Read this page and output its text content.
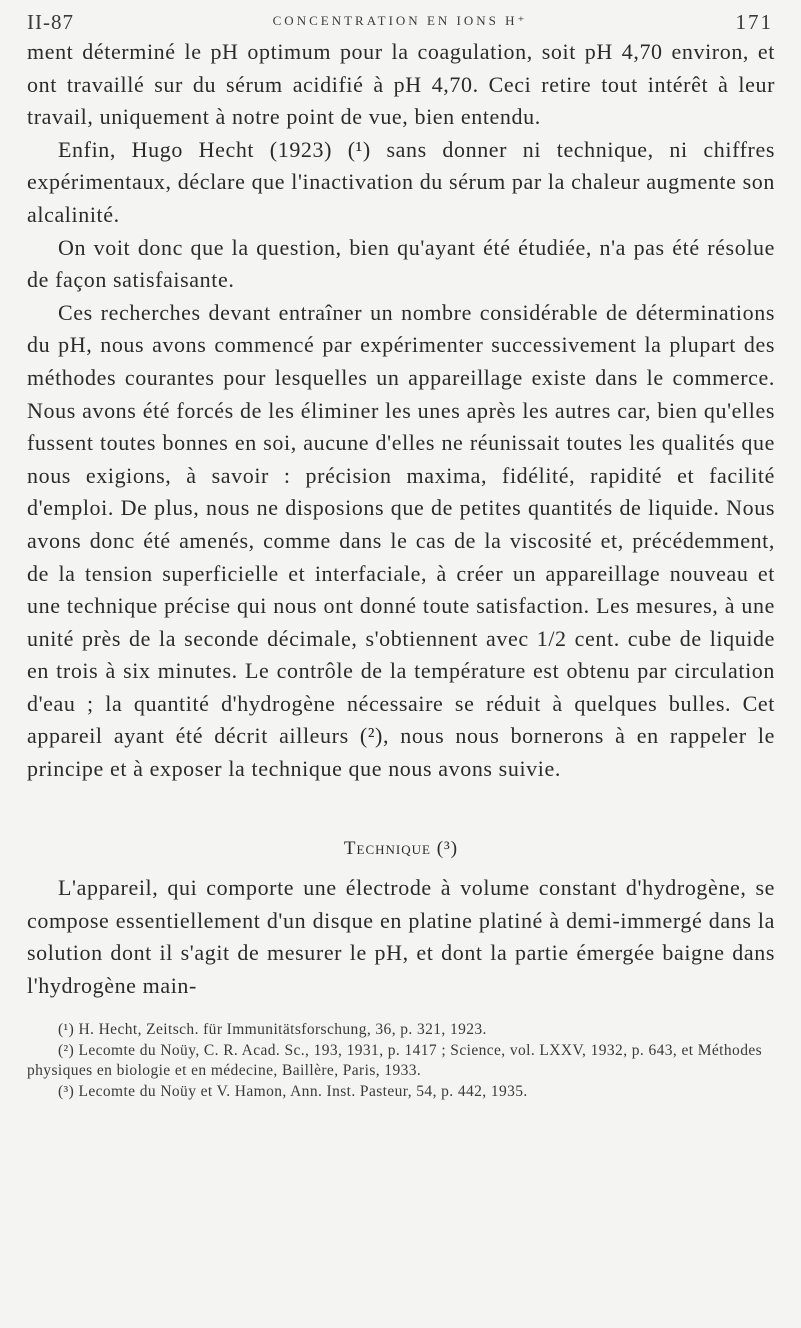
II-87	CONCENTRATION EN IONS H⁺	171

ment déterminé le pH optimum pour la coagulation, soit pH 4,70 environ, et ont travaillé sur du sérum acidifié à pH 4,70. Ceci retire tout intérêt à leur travail, uniquement à notre point de vue, bien entendu.

Enfin, Hugo Hecht (1923) (¹) sans donner ni technique, ni chiffres expérimentaux, déclare que l'inactivation du sérum par la chaleur augmente son alcalinité.

On voit donc que la question, bien qu'ayant été étudiée, n'a pas été résolue de façon satisfaisante.

Ces recherches devant entraîner un nombre considérable de déterminations du pH, nous avons commencé par expérimenter successivement la plupart des méthodes courantes pour lesquelles un appareillage existe dans le commerce. Nous avons été forcés de les éliminer les unes après les autres car, bien qu'elles fussent toutes bonnes en soi, aucune d'elles ne réunissait toutes les qualités que nous exigions, à savoir : précision maxima, fidélité, rapidité et facilité d'emploi. De plus, nous ne disposions que de petites quantités de liquide. Nous avons donc été amenés, comme dans le cas de la viscosité et, précédemment, de la tension superficielle et interfaciale, à créer un appareillage nouveau et une technique précise qui nous ont donné toute satisfaction. Les mesures, à une unité près de la seconde décimale, s'obtiennent avec 1/2 cent. cube de liquide en trois à six minutes. Le contrôle de la température est obtenu par circulation d'eau ; la quantité d'hydrogène nécessaire se réduit à quelques bulles. Cet appareil ayant été décrit ailleurs (²), nous nous bornerons à en rappeler le principe et à exposer la technique que nous avons suivie.

Technique (³)

L'appareil, qui comporte une électrode à volume constant d'hydrogène, se compose essentiellement d'un disque en platine platiné à demi-immergé dans la solution dont il s'agit de mesurer le pH, et dont la partie émergée baigne dans l'hydrogène main-

(¹) H. Hecht, Zeitsch. für Immunitätsforschung, 36, p. 321, 1923.

(²) Lecomte du Noüy, C. R. Acad. Sc., 193, 1931, p. 1417 ; Science, vol. LXXV, 1932, p. 643, et Méthodes physiques en biologie et en médecine, Baillère, Paris, 1933.

(³) Lecomte du Noüy et V. Hamon, Ann. Inst. Pasteur, 54, p. 442, 1935.
